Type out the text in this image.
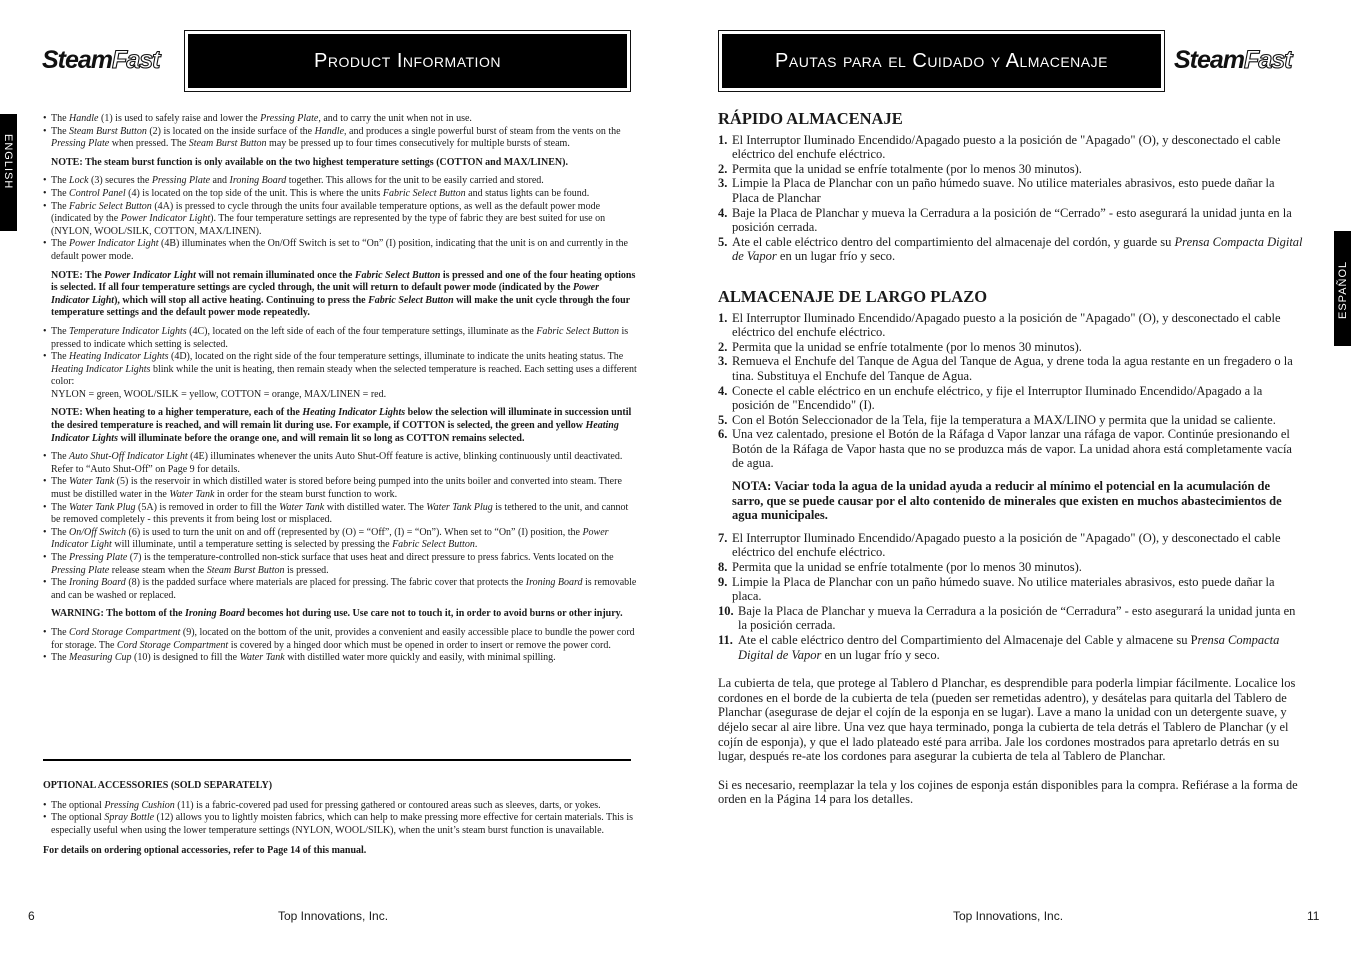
SteamFast	Product Information
ENGLISH
• The Handle (1) is used to safely raise and lower the Pressing Plate, and to carry the unit when not in use.
• The Steam Burst Button (2) is located on the inside surface of the Handle, and produces a single powerful burst of steam from the vents on the Pressing Plate when pressed. The Steam Burst Button may be pressed up to four times consecutively for multiple bursts of steam.

NOTE: The steam burst function is only available on the two highest temperature settings (COTTON and MAX/LINEN).

• The Lock (3) secures the Pressing Plate and Ironing Board together. This allows for the unit to be easily carried and stored.
• The Control Panel (4) is located on the top side of the unit. This is where the units Fabric Select Button and status lights can be found.
• The Fabric Select Button (4A) is pressed to cycle through the units four available temperature options, as well as the default power mode (indicated by the Power Indicator Light). The four temperature settings are represented by the type of fabric they are best suited for use on (NYLON, WOOL/SILK, COTTON, MAX/LINEN).
• The Power Indicator Light (4B) illuminates when the On/Off Switch is set to “On” (I) position, indicating that the unit is on and currently in the default power mode.

NOTE: The Power Indicator Light will not remain illuminated once the Fabric Select Button is pressed and one of the four heating options is selected. If all four temperature settings are cycled through, the unit will return to default power mode (indicated by the Power Indicator Light), which will stop all active heating. Continuing to press the Fabric Select Button will make the unit cycle through the four temperature settings and the default power mode repeatedly.

• The Temperature Indicator Lights (4C), located on the left side of each of the four temperature settings, illuminate as the Fabric Select Button is pressed to indicate which setting is selected.
• The Heating Indicator Lights (4D), located on the right side of the four temperature settings, illuminate to indicate the units heating status. The Heating Indicator Lights blink while the unit is heating, then remain steady when the selected temperature is reached. Each setting uses a different color:

NYLON = green, WOOL/SILK = yellow, COTTON = orange, MAX/LINEN = red.

NOTE: When heating to a higher temperature, each of the Heating Indicator Lights below the selection will illuminate in succession until the desired temperature is reached, and will remain lit during use. For example, if COTTON is selected, the green and yellow Heating Indicator Lights will illuminate before the orange one, and will remain lit so long as COTTON remains selected.

• The Auto Shut-Off Indicator Light (4E) illuminates whenever the units Auto Shut-Off feature is active, blinking continuously until deactivated. Refer to “Auto Shut-Off” on Page 9 for details.
• The Water Tank (5) is the reservoir in which distilled water is stored before being pumped into the units boiler and converted into steam. There must be distilled water in the Water Tank in order for the steam burst function to work.
• The Water Tank Plug (5A) is removed in order to fill the Water Tank with distilled water. The Water Tank Plug is tethered to the unit, and cannot be removed completely - this prevents it from being lost or misplaced.
• The On/Off Switch (6) is used to turn the unit on and off (represented by (O) = “Off”, (I) = “On”). When set to “On” (I) position, the Power Indicator Light will illuminate, until a temperature setting is selected by pressing the Fabric Select Button.
• The Pressing Plate (7) is the temperature-controlled non-stick surface that uses heat and direct pressure to press fabrics. Vents located on the Pressing Plate release steam when the Steam Burst Button is pressed.
• The Ironing Board (8) is the padded surface where materials are placed for pressing. The fabric cover that protects the Ironing Board is removable and can be washed or replaced.

WARNING: The bottom of the Ironing Board becomes hot during use. Use care not to touch it, in order to avoid burns or other injury.

• The Cord Storage Compartment (9), located on the bottom of the unit, provides a convenient and easily accessible place to bundle the power cord for storage. The Cord Storage Compartment is covered by a hinged door which must be opened in order to insert or remove the power cord.
• The Measuring Cup (10) is designed to fill the Water Tank with distilled water more quickly and easily, with minimal spilling.

OPTIONAL ACCESSORIES (SOLD SEPARATELY)

• The optional Pressing Cushion (11) is a fabric-covered pad used for pressing gathered or contoured areas such as sleeves, darts, or yokes.
• The optional Spray Bottle (12) allows you to lightly moisten fabrics, which can help to make pressing more effective for certain materials. This is especially useful when using the lower temperature settings (NYLON, WOOL/SILK), when the unit’s steam burst function is unavailable.

For details on ordering optional accessories, refer to Page 14 of this manual.

6	Top Innovations, Inc.
Pautas para el Cuidado y Almacenaje	SteamFast
ESPAÑOL
RÁPIDO ALMACENAJE
1. El Interruptor Iluminado Encendido/Apagado puesto a la posición de "Apagado" (O), y desconectado el cable eléctrico del enchufe eléctrico.
2. Permita que la unidad se enfríe totalmente (por lo menos 30 minutos).
3. Limpie la Placa de Planchar con un paño húmedo suave. No utilice materiales abrasivos, esto puede dañar la Placa de Planchar
4. Baje la Placa de Planchar y mueva la Cerradura a la posición de “Cerrado” - esto asegurará la unidad junta en la posición cerrada.
5. Ate el cable eléctrico dentro del compartimiento del almacenaje del cordón, y guarde su Prensa Compacta Digital de Vapor en un lugar frío y seco.
ALMACENAJE DE LARGO PLAZO
1. El Interruptor Iluminado Encendido/Apagado puesto a la posición de "Apagado" (O), y desconectado el cable eléctrico del enchufe eléctrico.
2. Permita que la unidad se enfríe totalmente (por lo menos 30 minutos).
3. Remueva el Enchufe del Tanque de Agua del Tanque de Agua, y drene toda la agua restante en un fregadero o la tina. Substituya el Enchufe del Tanque de Agua.
4. Conecte el cable eléctrico en un enchufe eléctrico, y fije el Interruptor Iluminado Encendido/Apagado a la posición de "Encendido" (I).
5. Con el Botón Seleccionador de la Tela, fije la temperatura a MAX/LINO y permita que la unidad se caliente.
6. Una vez calentado, presione el Botón de la Ráfaga d Vapor lanzar una ráfaga de vapor. Continúe presionando el Botón de la Ráfaga de Vapor hasta que no se produzca más de vapor. La unidad ahora está completamente vacía de agua.

NOTA: Vaciar toda la agua de la unidad ayuda a reducir al mínimo el potencial en la acumulación de sarro, que se puede causar por el alto contenido de minerales que existen en muchos abastecimientos de agua municipales.

7. El Interruptor Iluminado Encendido/Apagado puesto a la posición de "Apagado" (O), y desconectado el cable eléctrico del enchufe eléctrico.
8. Permita que la unidad se enfríe totalmente (por lo menos 30 minutos).
9. Limpie la Placa de Planchar con un paño húmedo suave. No utilice materiales abrasivos, esto puede dañar la placa.
10. Baje la Placa de Planchar y mueva la Cerradura a la posición de “Cerradura” - esto asegurará la unidad junta en la posición cerrada.
11. Ate el cable eléctrico dentro del Compartimiento del Almacenaje del Cable y almacene su Prensa Compacta Digital de Vapor en un lugar frío y seco.

La cubierta de tela, que protege al Tablero d Planchar, es desprendible para poderla limpiar fácilmente. Localice los cordones en el borde de la cubierta de tela (pueden ser remetidas adentro), y desátelas para quitarla del Tablero de Planchar (asegurase de dejar el cojín de la esponja en se lugar). Lave a mano la unidad con un detergente suave, y déjelo secar al aire libre. Una vez que haya terminado, ponga la cubierta de tela detrás el Tablero de Planchar (y el cojín de esponja), y que el lado plateado esté para arriba. Jale los cordones mostrados para apretarlo detrás en su lugar, después re-ate los cordones para asegurar la cubierta de tela al Tablero de Planchar.

Si es necesario, reemplazar la tela y los cojines de esponja están disponibles para la compra. Refiérase a la forma de orden en la Página 14 para los detalles.

Top Innovations, Inc.	11
